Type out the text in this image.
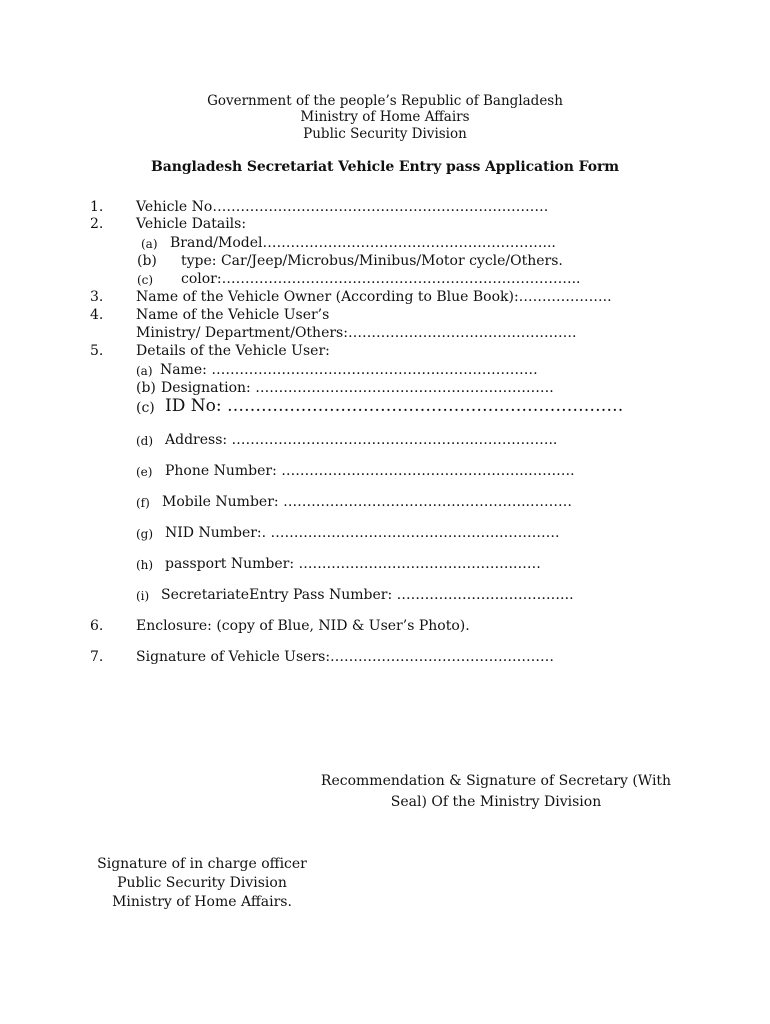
Government of the people’s Republic of Bangladesh
Ministry of Home Affairs
Public Security Division
Bangladesh Secretariat Vehicle Entry pass Application Form
1. Vehicle No………………………………………………………………
2. Vehicle Datails:
(a) Brand/Model……………………………………………………...
(b) type: Car/Jeep/Microbus/Minibus/Motor cycle/Others.
(c) color:…………………………………………………………………..
3. Name of the Vehicle Owner (According to Blue Book):………………..
4. Name of the Vehicle User’s
Ministry/ Department/Others:………………………………………….
5. Details of the Vehicle User:
(a) Name: ………………………………………….…………………
(b) Designation: ……………………………………………………….
(c) ID No: ………………………………………….…………………
(d) Address: ……………………………………………..……………..
(e) Phone Number: ……………………………………………..……….
(f) Mobile Number: ……………………………………………..………
(g) NID Number:. ………………………………………….………….
(h) passport Number: ……………………………………….……
(i) SecretariateEntry Pass Number: ………………………………..
6. Enclosure: (copy of Blue, NID & User’s Photo).
7. Signature of Vehicle Users:…………………………………………
Recommendation & Signature of Secretary (With
Seal) Of the Ministry Division
Signature of in charge officer
Public Security Division
Ministry of Home Affairs.
